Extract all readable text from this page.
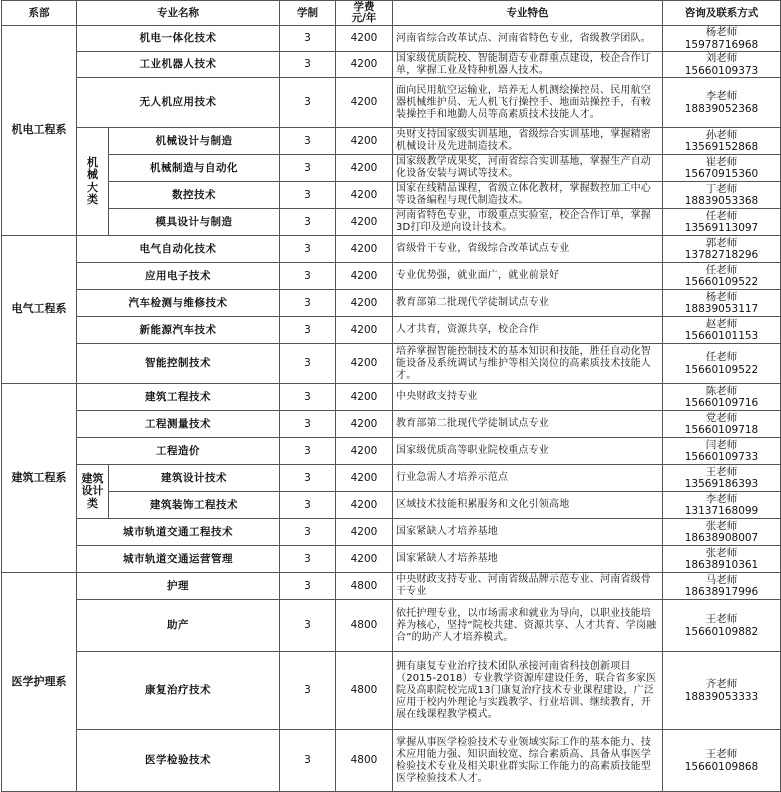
系部	专业名称		学制	学费
元/年	专业特色	咨询及联系方式
机电工程系	机电一体化技术		3	4200	河南省综合改革试点、河南省特色专业，省级教学团队。	杨老师
15978716968

	工业机器人技术		3	4200	国家级优质院校、智能制造专业群重点建设，校企合作订单，掌握工业及特种机器人技术。	刘老师
15660109373

	无人机应用技术		3	4200	面向民用航空运输业，培养无人机测绘操控员、民用航空器机械维护员、无人机飞行操控手、地面站操控手，有較装操控手和地勤人员等高素质技术技能人才。	李老师
18839052368

	机
械
大
类	机械设计与制造	3	4200	央财支持国家级实训基地，省级综合实训基地，掌握精密机械设计及先进制造技术。	孙老师
13569152868

		机械制造与自动化	3	4200	国家级教学成果奖，河南省综合实训基地，掌握生产自动化设备安装与调试等技术。	崔老师
15670915360

		数控技术	3	4200	国家在线精品课程，省级立体化教材，掌握数控加工中心等设备编程与现代制造技术。	丁老师
18839053368

		模具设计与制造	3	4200	河南省特色专业，市级重点实验室，校企合作订单，掌握3D打印及逆向设计技术。	任老师
13569113097

电气工程系	电气自动化技术		3	4200	省级骨干专业，省级综合改革试点专业	郭老师
13782718296

	应用电子技术		3	4200	专业优势强，就业面广，就业前景好	任老师
15660109522

	汽车检测与维修技术		3	4200	教育部第二批现代学徒制试点专业	杨老师
18839053117

	新能源汽车技术		3	4200	人才共育，资源共享，校企合作	赵老师
15660101153

	智能控制技术		3	4200	培养掌握智能控制技术的基本知识和技能，胜任自动化智能设备及系统调试与维护等相关岗位的高素质技术技能人才。	任老师
15660109522

建筑工程系	建筑工程技术		3	4200	中央财政支持专业	陈老师
15660109716

	工程测量技术		3	4200	教育部第二批现代学徒制试点专业	党老师
15660109718

	工程造价		3	4200	国家级优质高等职业院校重点专业	闫老师
15660109733

	建筑
设计
类	建筑设计技术	3	4200	行业急需人才培养示范点	王老师
13569186393

		建筑装饰工程技术	3	4200	区域技术技能积累服务和文化引领高地	李老师
13137168099

	城市轨道交通工程技术		3	4200	国家紧缺人才培养基地	张老师
18638908007

	城市轨道交通运营管理		3	4200	国家紧缺人才培养基地	张老师
18638910361

医学护理系	护理		3	4800	中央财政支持专业、河南省级品牌示范专业、河南省级骨干专业	马老师
18638917996

	助产		3	4800	依托护理专业，以市场需求和就业为导向，以职业技能培养为核心，坚持“院校共建、资源共享、人才共育、学岗融合”的助产人才培养模式。	王老师
15660109882

	康复治疗技术		3	4800	拥有康复专业治疗技术团队承接河南省科技创新项目（2015-2018）专业教学资源库建设任务，联合省多家医院及高职院校完成13门康复治疗技术专业课程建设，广泛应用于校内外理论与实践教学、行业培训、继续教育，开展在线课程教学模式。	齐老师
18839053333

	医学检验技术		3	4800	掌握从事医学检验技术专业领域实际工作的基本能力、技术应用能力强、知识面较宽、综合素质高、具备从事医学检验技术专业及相关职业群实际工作能力的高素质技能型医学检验技术人才。	王老师
15660109868
